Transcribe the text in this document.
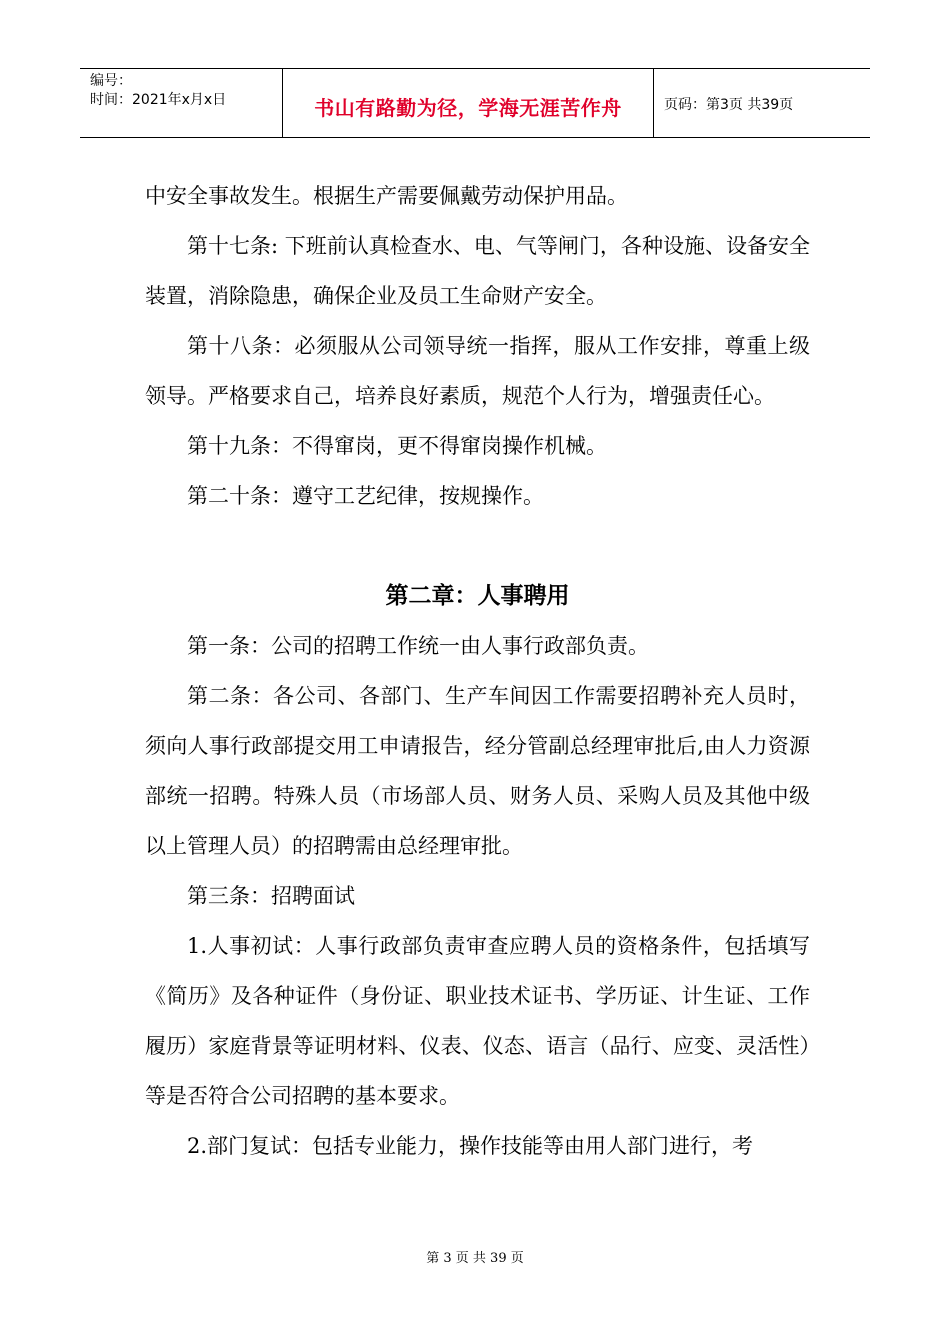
编号：
时间：2021年x月x日	书山有路勤为径，学海无涯苦作舟	页码：第3页 共39页

中安全事故发生。根据生产需要佩戴劳动保护用品。

第十七条: 下班前认真检查水、电、气等闸门，各种设施、设备安全装置，消除隐患，确保企业及员工生命财产安全。

第十八条：必须服从公司领导统一指挥，服从工作安排，尊重上级领导。严格要求自己，培养良好素质，规范个人行为，增强责任心。

第十九条：不得窜岗，更不得窜岗操作机械。

第二十条：遵守工艺纪律，按规操作。

第二章：人事聘用

第一条：公司的招聘工作统一由人事行政部负责。

第二条：各公司、各部门、生产车间因工作需要招聘补充人员时，须向人事行政部提交用工申请报告，经分管副总经理审批后,由人力资源部统一招聘。特殊人员（市场部人员、财务人员、采购人员及其他中级以上管理人员）的招聘需由总经理审批。

第三条：招聘面试

1.人事初试：人事行政部负责审查应聘人员的资格条件，包括填写《简历》及各种证件（身份证、职业技术证书、学历证、计生证、工作履历）家庭背景等证明材料、仪表、仪态、语言（品行、应变、灵活性）等是否符合公司招聘的基本要求。

2.部门复试：包括专业能力，操作技能等由用人部门进行，考

第 3 页 共 39 页
